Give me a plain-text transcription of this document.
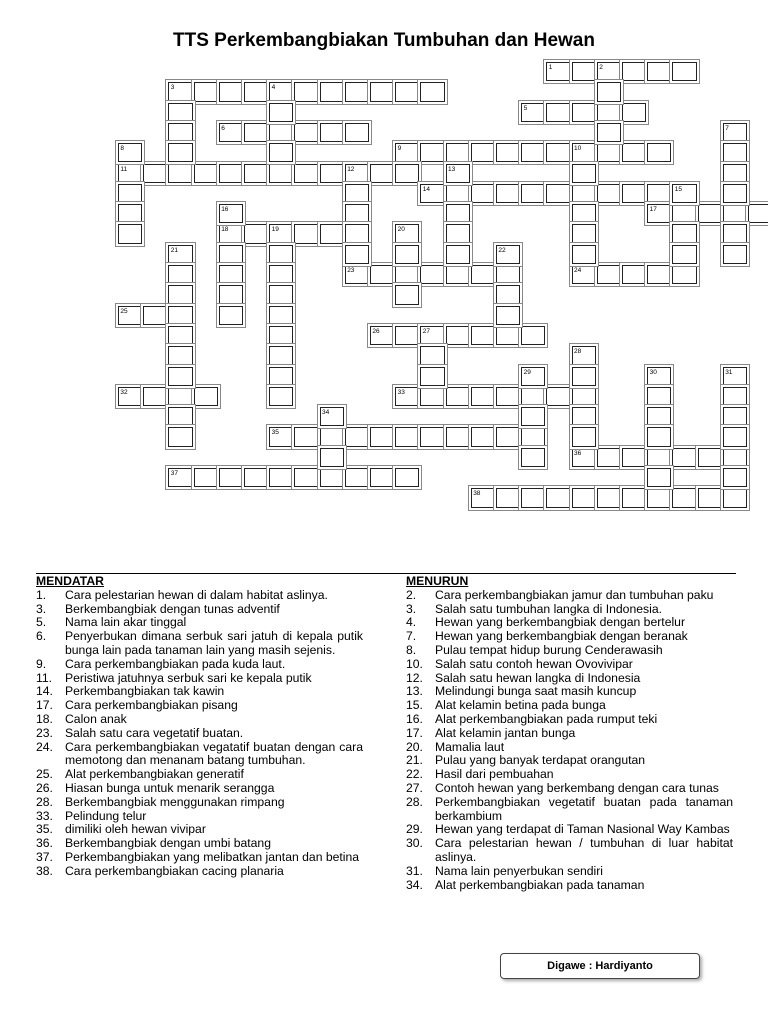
TTS Perkembangbiakan Tumbuhan dan Hewan
1
3
5
6
9
11
14
17
18
23	24
25
26
32	33
35
36
37
38
2
4
7
8	10
12	13
15
16
19	20
21	22
27
28
29	30	31
34
MENDATAR
1.	Cara pelestarian hewan di dalam habitat aslinya.
3.	Berkembangbiak dengan tunas adventif
5.	Nama lain akar tinggal
6.	Penyerbukan dimana serbuk sari jatuh di kepala putik bunga lain pada tanaman lain yang masih sejenis.
9.	Cara perkembangbiakan pada kuda laut.
11.	Peristiwa jatuhnya serbuk sari ke kepala putik
14. Perkembangbiakan tak kawin
17. Cara perkembangbiakan pisang
18. Calon anak
23. Salah satu cara vegetatif buatan.
24. Cara perkembangbiakan vegatatif buatan dengan cara memotong dan menanam batang tumbuhan.
25. Alat perkembangbiakan generatif
26. Hiasan bunga untuk menarik serangga
28. Berkembangbiak menggunakan rimpang
33. Pelindung telur
35. dimiliki oleh hewan vivipar
36. Berkembangbiak dengan umbi batang
37. Perkembangbiakan yang melibatkan jantan dan betina
38. Cara perkembangbiakan cacing planaria
MENURUN
2.	Cara perkembangbiakan jamur dan tumbuhan paku
3.	Salah satu tumbuhan langka di Indonesia.
4.	Hewan yang berkembangbiak dengan bertelur
7.	Hewan yang berkembangbiak dengan beranak
8.	Pulau tempat hidup burung Cenderawasih
10. Salah satu contoh hewan Ovovivipar
12. Salah satu hewan langka di Indonesia
13. Melindungi bunga saat masih kuncup
15. Alat kelamin betina pada bunga
16. Alat perkembangbiakan pada rumput teki
17. Alat kelamin jantan bunga
20. Mamalia laut
21. Pulau yang banyak terdapat orangutan
22. Hasil dari pembuahan
27. Contoh hewan yang berkembang dengan cara tunas
28. Perkembangbiakan vegetatif buatan pada tanaman berkambium
29. Hewan yang terdapat di Taman Nasional Way Kambas
30. Cara pelestarian hewan / tumbuhan di luar habitat aslinya.
31. Nama lain penyerbukan sendiri
34. Alat perkembangbiakan pada tanaman
Digawe : Hardiyanto
